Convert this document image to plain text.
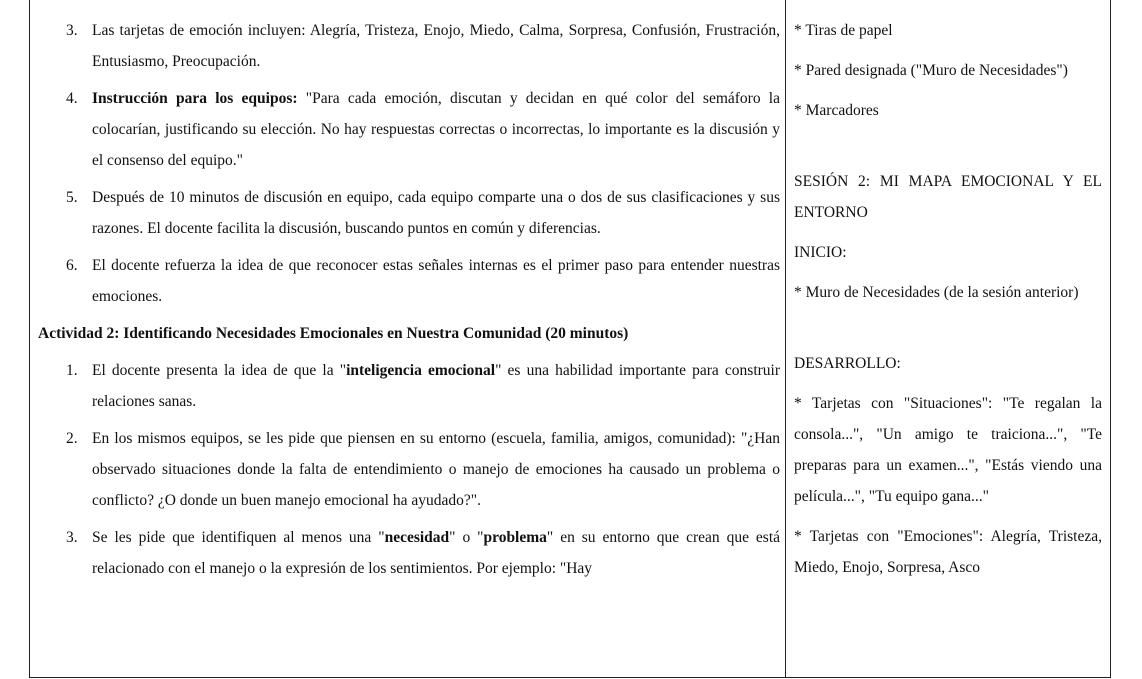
3. Las tarjetas de emoción incluyen: Alegría, Tristeza, Enojo, Miedo, Calma, Sorpresa, Confusión, Frustración, Entusiasmo, Preocupación.
4. Instrucción para los equipos: "Para cada emoción, discutan y decidan en qué color del semáforo la colocarían, justificando su elección. No hay respuestas correctas o incorrectas, lo importante es la discusión y el consenso del equipo."
5. Después de 10 minutos de discusión en equipo, cada equipo comparte una o dos de sus clasificaciones y sus razones. El docente facilita la discusión, buscando puntos en común y diferencias.
6. El docente refuerza la idea de que reconocer estas señales internas es el primer paso para entender nuestras emociones.
Actividad 2: Identificando Necesidades Emocionales en Nuestra Comunidad (20 minutos)
1. El docente presenta la idea de que la "inteligencia emocional" es una habilidad importante para construir relaciones sanas.
2. En los mismos equipos, se les pide que piensen en su entorno (escuela, familia, amigos, comunidad): "¿Han observado situaciones donde la falta de entendimiento o manejo de emociones ha causado un problema o conflicto? ¿O donde un buen manejo emocional ha ayudado?".
3. Se les pide que identifiquen al menos una "necesidad" o "problema" en su entorno que crean que está relacionado con el manejo o la expresión de los sentimientos. Por ejemplo: "Hay
* Tiras de papel
* Pared designada ("Muro de Necesidades")
* Marcadores
SESIÓN 2: MI MAPA EMOCIONAL Y EL ENTORNO
INICIO:
* Muro de Necesidades (de la sesión anterior)
DESARROLLO:
* Tarjetas con "Situaciones": "Te regalan la consola...", "Un amigo te traiciona...", "Te preparas para un examen...", "Estás viendo una película...", "Tu equipo gana..."
* Tarjetas con "Emociones": Alegría, Tristeza, Miedo, Enojo, Sorpresa, Asco
